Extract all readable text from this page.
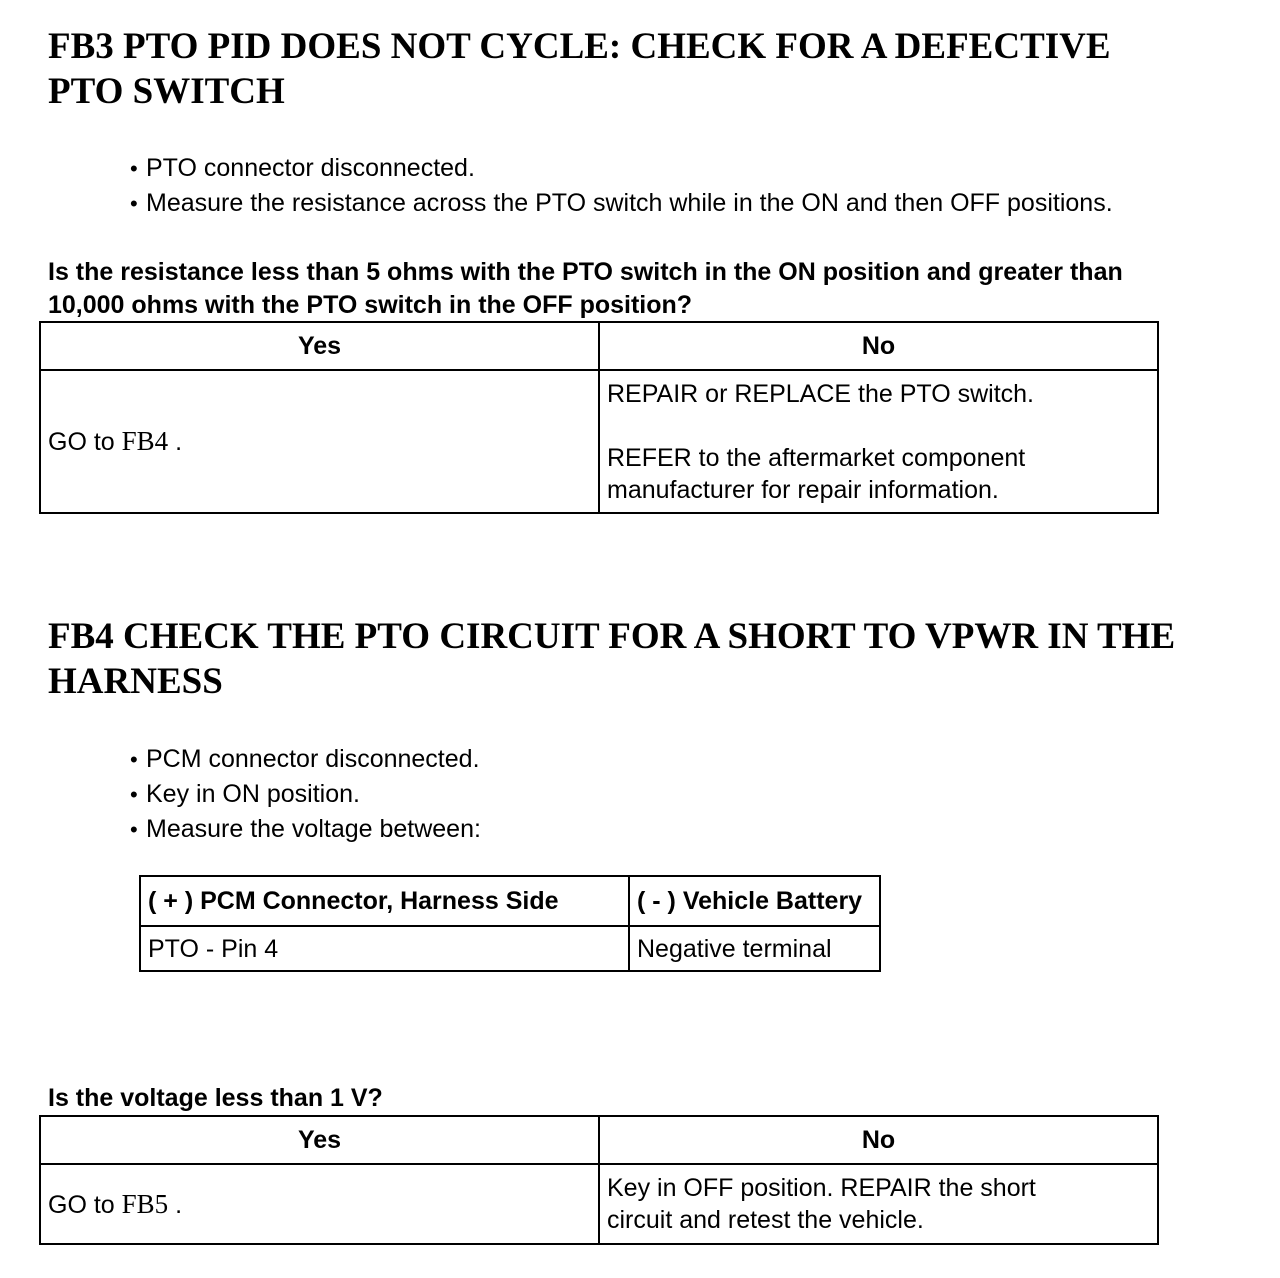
FB3 PTO PID DOES NOT CYCLE: CHECK FOR A DEFECTIVE
PTO SWITCH
• PTO connector disconnected.
• Measure the resistance across the PTO switch while in the ON and then OFF positions.

Is the resistance less than 5 ohms with the PTO switch in the ON position and greater than
10,000 ohms with the PTO switch in the OFF position?

Yes	No
GO to FB4 .	REPAIR or REPLACE the PTO switch.

REFER to the aftermarket component
manufacturer for repair information.
FB4 CHECK THE PTO CIRCUIT FOR A SHORT TO VPWR IN THE
HARNESS
• PCM connector disconnected.
• Key in ON position.
• Measure the voltage between:
( + ) PCM Connector, Harness Side	( - ) Vehicle Battery
PTO - Pin 4	Negative terminal

Is the voltage less than 1 V?

Yes	No
GO to FB5 .	Key in OFF position. REPAIR the short
circuit and retest the vehicle.
